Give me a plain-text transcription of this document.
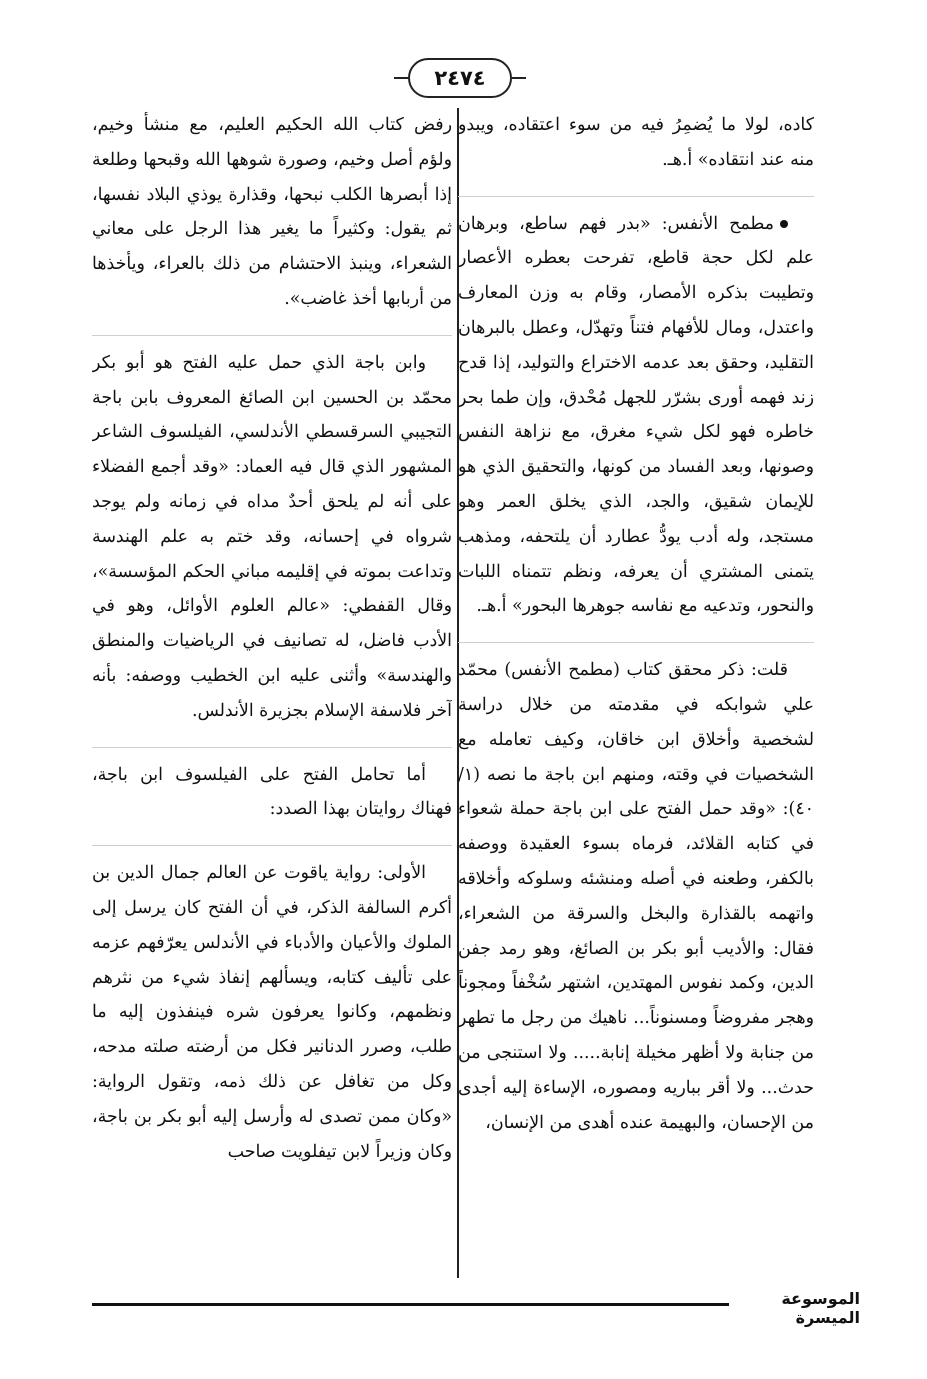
٢٤٧٤

كاده، لولا ما يُضمِرُ فيه من سوء اعتقاده، ويبدو منه عند انتقاده» أ.هـ.

مطمح الأنفس: «بدر فهم ساطع، وبرهان علم لكل حجة قاطع، تفرحت بعطره الأعصار وتطيبت بذكره الأمصار، وقام به وزن المعارف واعتدل، ومال للأفهام فتناً وتهدّل، وعطل بالبرهان التقليد، وحقق بعد عدمه الاختراع والتوليد، إذا قدح زند فهمه أورى بشرّر للجهل مُحْدق، وإن طما بحر خاطره فهو لكل شيء مغرق، مع نزاهة النفس وصونها، وبعد الفساد من كونها، والتحقيق الذي هو للإيمان شقيق، والجد، الذي يخلق العمر وهو مستجد، وله أدب يودُّ عطارد أن يلتحفه، ومذهب يتمنى المشتري أن يعرفه، ونظم تتمناه اللبات والنحور، وتدعيه مع نفاسه جوهرها البحور» أ.هـ.

قلت: ذكر محقق كتاب (مطمح الأنفس) محمّد علي شوابكه في مقدمته من خلال دراسة لشخصية وأخلاق ابن خاقان، وكيف تعامله مع الشخصيات في وقته، ومنهم ابن باجة ما نصه (١/ ٤٠): «وقد حمل الفتح على ابن باجة حملة شعواء في كتابه القلائد، فرماه بسوء العقيدة ووصفه بالكفر، وطعنه في أصله ومنشئه وسلوكه وأخلاقه واتهمه بالقذارة والبخل والسرقة من الشعراء، فقال: والأديب أبو بكر بن الصائغ، وهو رمد جفن الدين، وكمد نفوس المهتدين، اشتهر سُخْفاً ومجوناً وهجر مفروضاً ومسنوناً... ناهيك من رجل ما تطهر من جنابة ولا أظهر مخيلة إنابة..... ولا استنجى من حدث... ولا أقر بباريه ومصوره، الإساءة إليه أجدى من الإحسان، والبهيمة عنده أهدى من الإنسان،

رفض كتاب الله الحكيم العليم، مع منشأ وخيم، ولؤم أصل وخيم، وصورة شوهها الله وقبحها وطلعة إذا أبصرها الكلب نبحها، وقذارة يوذي البلاد نفسها، ثم يقول: وكثيراً ما يغير هذا الرجل على معاني الشعراء، وينبذ الاحتشام من ذلك بالعراء، ويأخذها من أربابها أخذ غاضب».

وابن باجة الذي حمل عليه الفتح هو أبو بكر محمّد بن الحسين ابن الصائغ المعروف بابن باجة التجيبي السرقسطي الأندلسي، الفيلسوف الشاعر المشهور الذي قال فيه العماد: «وقد أجمع الفضلاء على أنه لم يلحق أحدٌ مداه في زمانه ولم يوجد شرواه في إحسانه، وقد ختم به علم الهندسة وتداعت بموته في إقليمه مباني الحكم المؤسسة»، وقال القفطي: «عالم العلوم الأوائل، وهو في الأدب فاضل، له تصانيف في الرياضيات والمنطق والهندسة» وأثنى عليه ابن الخطيب ووصفه: بأنه آخر فلاسفة الإسلام بجزيرة الأندلس.

أما تحامل الفتح على الفيلسوف ابن باجة، فهناك روايتان بهذا الصدد:

الأولى: رواية ياقوت عن العالم جمال الدين بن أكرم السالفة الذكر، في أن الفتح كان يرسل إلى الملوك والأعيان والأدباء في الأندلس يعرّفهم عزمه على تأليف كتابه، ويسألهم إنفاذ شيء من نثرهم ونظمهم، وكانوا يعرفون شره فينفذون إليه ما طلب، وصرر الدنانير فكل من أرضته صلته مدحه، وكل من تغافل عن ذلك ذمه، وتقول الرواية: «وكان ممن تصدى له وأرسل إليه أبو بكر بن باجة، وكان وزيراً لابن تيفلويت صاحب

الموسوعة الميسرة
